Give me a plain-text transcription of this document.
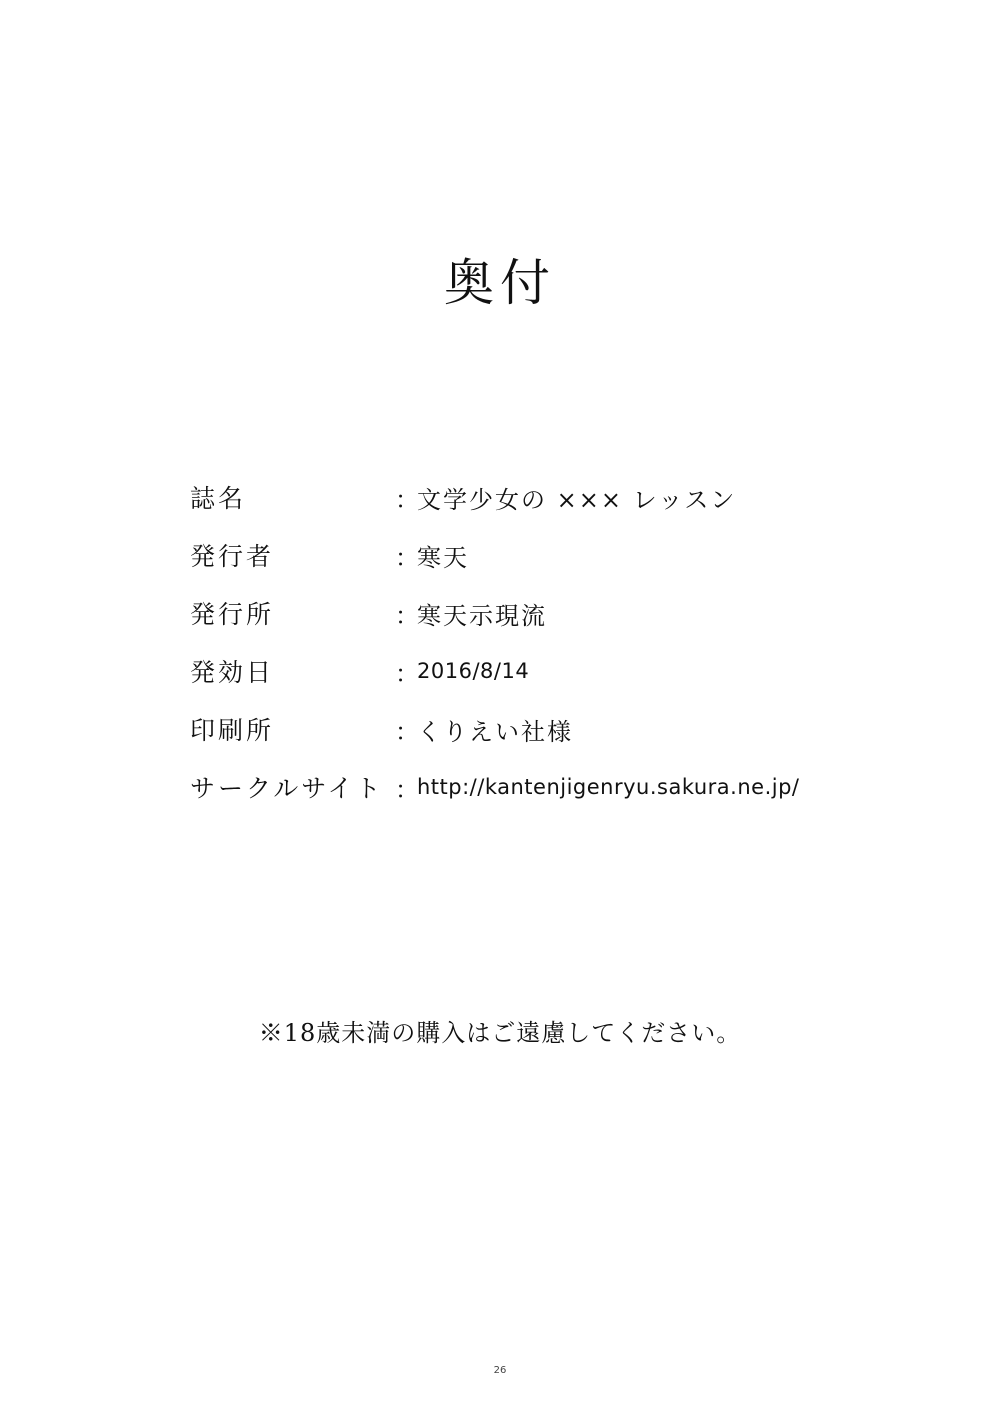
奥付
誌名	：
文学少女の ××× レッスン
発行者	：
寒天
発行所	：
寒天示現流
発効日	：
2016/8/14
印刷所	：
くりえい社様
サークルサイト ：
http://kantenjigenryu.sakura.ne.jp/
※18歳未満の購入はご遠慮してください。
26
